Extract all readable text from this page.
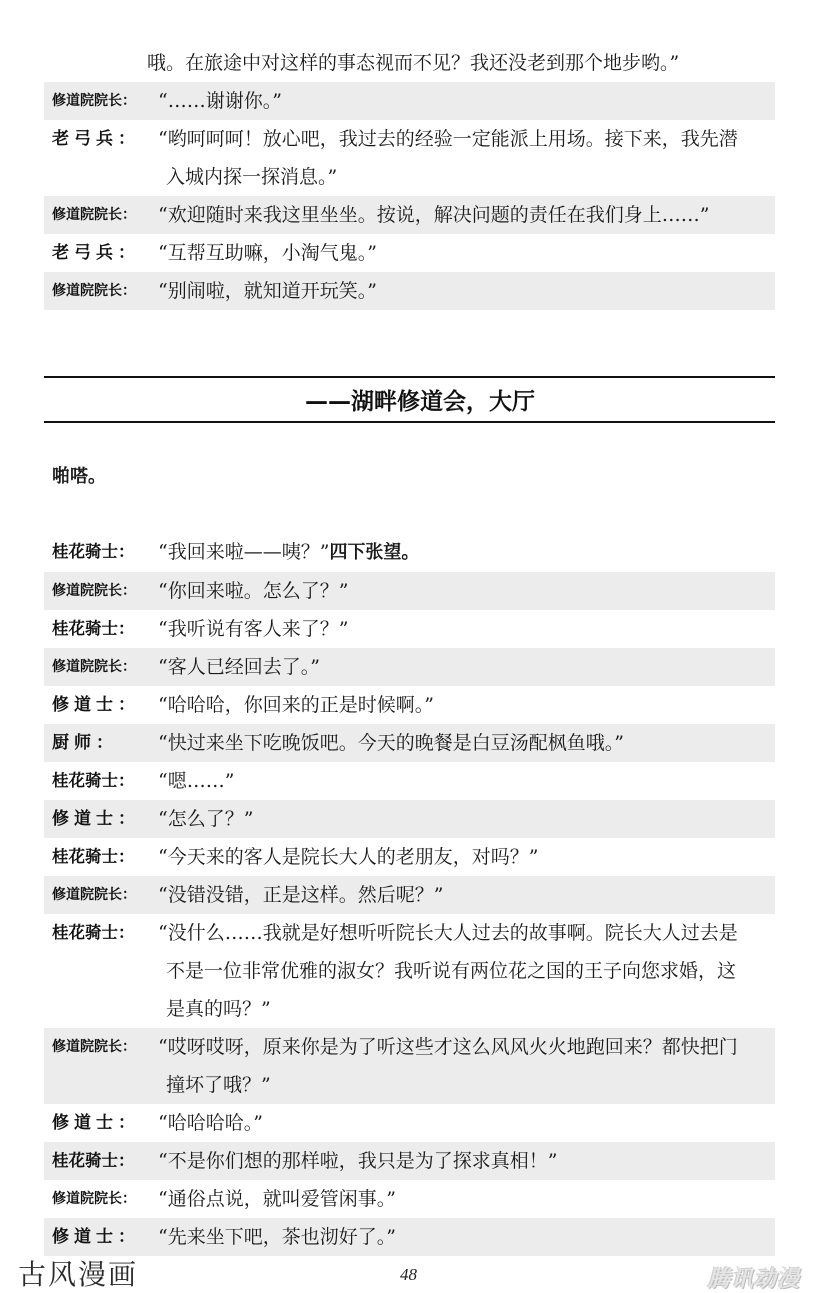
哦。在旅途中对这样的事态视而不见？我还没老到那个地步哟。”
修道院院长：	“……谢谢你。”
老弓兵： “哟呵呵呵！放心吧，我过去的经验一定能派上用场。接下来，我先潜
入城内探一探消息。”
修道院院长：	“欢迎随时来我这里坐坐。按说，解决问题的责任在我们身上……”
老弓兵： “互帮互助嘛，小淘气鬼。”
修道院院长：	“别闹啦，就知道开玩笑。”
——湖畔修道会，大厅
啪嗒。
桂花骑士：	“我回来啦——咦？”四下张望。
修道院院长：	“你回来啦。怎么了？”
桂花骑士：	“我听说有客人来了？”
修道院院长：	“客人已经回去了。”
修道士： “哈哈哈，你回来的正是时候啊。”
厨师：	“快过来坐下吃晚饭吧。今天的晚餐是白豆汤配枫鱼哦。”
桂花骑士：	“嗯……”
修道士： “怎么了？”
桂花骑士：	“今天来的客人是院长大人的老朋友，对吗？”
修道院院长：	“没错没错，正是这样。然后呢？”
桂花骑士：	“没什么……我就是好想听听院长大人过去的故事啊。院长大人过去是
不是一位非常优雅的淑女？我听说有两位花之国的王子向您求婚，这
是真的吗？”
修道院院长：	“哎呀哎呀，原来你是为了听这些才这么风风火火地跑回来？都快把门
撞坏了哦？”
修道士： “哈哈哈哈。”
桂花骑士：	“不是你们想的那样啦，我只是为了探求真相！”
修道院院长：	“通俗点说，就叫爱管闲事。”
修道士： “先来坐下吧，茶也沏好了。”
古风漫画	48	腾讯动漫
